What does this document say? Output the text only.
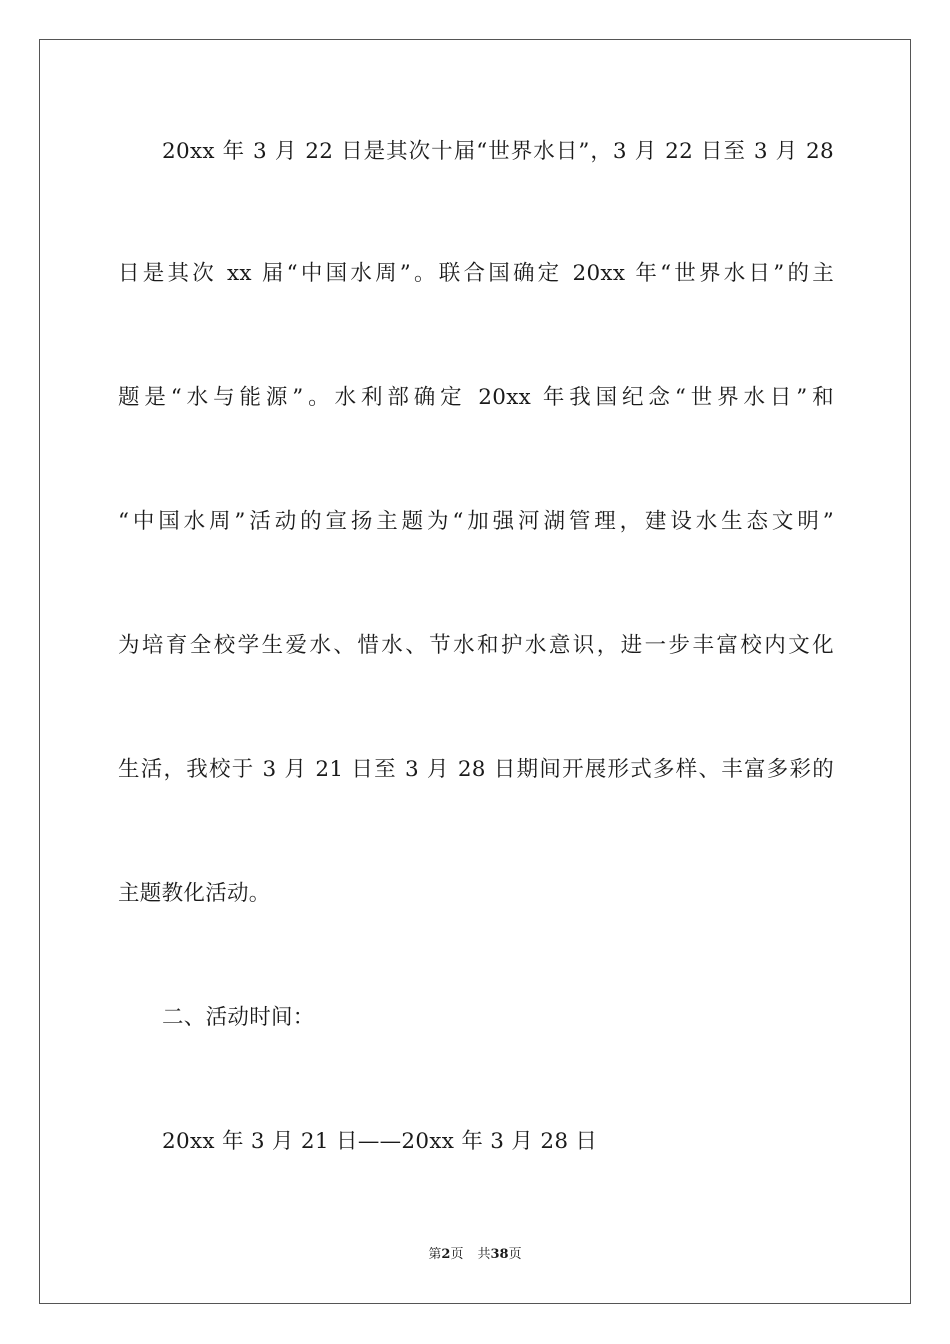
20xx 年 3 月 22 日是其次十届“世界水日”，3 月 22 日至 3 月 28
日是其次 xx 届“中国水周”。联合国确定 20xx 年“世界水日”的主
题是“水与能源”。水利部确定 20xx 年我国纪念“世界水日”和
“中国水周”活动的宣扬主题为“加强河湖管理，建设水生态文明”
为培育全校学生爱水、惜水、节水和护水意识，进一步丰富校内文化
生活，我校于 3 月 21 日至 3 月 28 日期间开展形式多样、丰富多彩的
主题教化活动。
二、活动时间：
20xx 年 3 月 21 日——20xx 年 3 月 28 日
第2页 共38页
